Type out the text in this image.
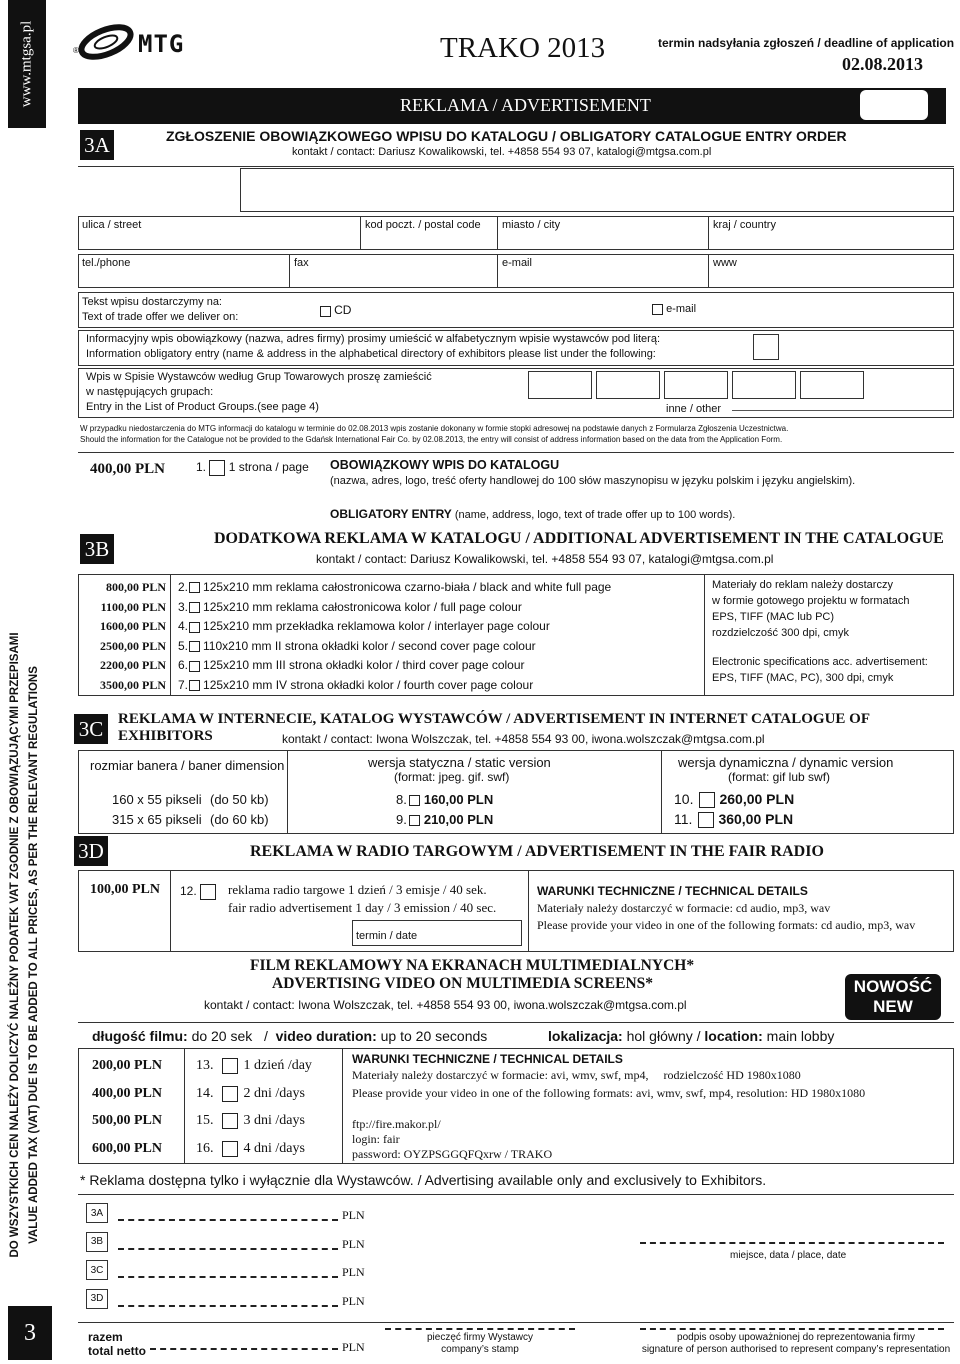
www.mtgsa.pl
DO WSZYSTKICH CEN NALEŻY DOLICZYĆ NALEŻNY PODATEK VAT ZGODNIE Z OBOWIĄZUJĄCYMI PRZEPISAMI VALUE ADDED TAX (VAT) DUE IS TO BE ADDED TO ALL PRICES, AS PER THE RELEVANT REGULATIONS
3
® MTG	TRAKO 2013	termin nadsyłania zgłoszeń / deadline of application
02.08.2013
REKLAMA / ADVERTISEMENT
3A	ZGŁOSZENIE OBOWIĄZKOWEGO WPISU DO KATALOGU / OBLIGATORY CATALOGUE ENTRY ORDER
kontakt / contact: Dariusz Kowalikowski, tel. +4858 554 93 07, katalogi@mtgsa.com.pl
ulica / street	kod poczt. / postal code miasto / city	kraj / country
tel./phone	fax	e-mail	www
Tekst wpisu dostarczymy na:
Text of trade offer we deliver on:	CD	e-mail
Informacyjny wpis obowiązkowy (nazwa, adres firmy) prosimy umieścić w alfabetycznym wpisie wystawców pod literą:
Information obligatory entry (name & address in the alphabetical directory of exhibitors please list under the following:
Wpis w Spisie Wystawców według Grup Towarowych proszę zamieścić
w następujących grupach:
Entry in the List of Product Groups.(see page 4)	inne / other
W przypadku niedostarczenia do MTG informacji do katalogu w terminie do 02.08.2013 wpis zostanie dokonany w formie stopki adresowej na podstawie danych z Formularza Zgłoszenia Uczestnictwa.
Should the information for the Catalogue not be provided to the Gdańsk International Fair Co. by 02.08.2013, the entry will consist of address information based on the data from the Application Form.
400,00 PLN	1. 1 strona / page OBOWIĄZKOWY WPIS DO KATALOGU
(nazwa, adres, logo, treść oferty handlowej do 100 słów maszynopisu w języku polskim i języku angielskim).
OBLIGATORY ENTRY (name, address, logo, text of trade offer up to 100 words).
3B	DODATKOWA REKLAMA W KATALOGU / ADDITIONAL ADVERTISEMENT IN THE CATALOGUE
kontakt / contact: Dariusz Kowalikowski, tel. +4858 554 93 07, katalogi@mtgsa.com.pl
800,00 PLN 2. 125x210 mm reklama całostronicowa czarno-biała / black and white full page
1100,00 PLN 3. 125x210 mm reklama całostronicowa kolor / full page colour
1600,00 PLN 4. 125x210 mm przekładka reklamowa kolor / interlayer page colour
2500,00 PLN 5. 110x210 mm II strona okładki kolor / second cover page colour
2200,00 PLN 6. 125x210 mm III strona okładki kolor / third cover page colour
3500,00 PLN 7. 125x210 mm IV strona okładki kolor / fourth cover page colour
Materiały do reklam należy dostarczy
w formie gotowego projektu w formatach
EPS, TIFF (MAC lub PC)
rozdzielczość 300 dpi, cmyk
Electronic specifications acc. advertisement:
EPS, TIFF (MAC, PC), 300 dpi, cmyk
3C REKLAMA W INTERNECIE, KATALOG WYSTAWCÓW / ADVERTISEMENT IN INTERNET CATALOGUE OF EXHIBITORS	kontakt / contact: Iwona Wolszczak, tel. +4858 554 93 00, iwona.wolszczak@mtgsa.com.pl
rozmiar banera / baner dimension	wersja statyczna / static version
(format: jpeg. gif. swf)
wersja dynamiczna / dynamic version
(format: gif lub swf)
160 x 55 pikseli (do 50 kb)	8. 160,00 PLN	10. 260,00 PLN
315 x 65 pikseli (do 60 kb)	9. 210,00 PLN	11. 360,00 PLN
3D	REKLAMA W RADIO TARGOWYM / ADVERTISEMENT IN THE FAIR RADIO
100,00 PLN 12.	reklama radio targowe 1 dzień / 3 emisje / 40 sek.
fair radio advertisement 1 day / 3 emission / 40 sec.
termin / date
WARUNKI TECHNICZNE / TECHNICAL DETAILS
Materiały należy dostarczyć w formacie: cd audio, mp3, wav
Please provide your video in one of the following formats: cd audio, mp3, wav
FILM REKLAMOWY NA EKRANACH MULTIMEDIALNYCH*
ADVERTISING VIDEO ON MULTIMEDIA SCREENS*
kontakt / contact: Iwona Wolszczak, tel. +4858 554 93 00, iwona.wolszczak@mtgsa.com.pl
NOWOŚĆ
NEW
długość filmu: do 20 sek / video duration: up to 20 seconds	lokalizacja: hol główny / location: main lobby
200,00 PLN 13. 1 dzień /day
400,00 PLN 14. 2 dni /days
500,00 PLN 15. 3 dni /days
600,00 PLN 16. 4 dni /days
WARUNKI TECHNICZNE / TECHNICAL DETAILS
Materiały należy dostarczyć w formacie: avi, wmv, swf, mp4,     rodzielczość HD 1980x1080
Please provide your video in one of the following formats: avi, wmv, swf, mp4, resolution: HD 1980x1080
ftp://fire.makor.pl/
login: fair
password: OYZPSGGQFQxrw / TRAKO
* Reklama dostępna tylko i wyłącznie dla Wystawców. / Advertising available only and exclusively to Exhibitors.
3A	PLN
3B	PLN
3C	PLN
3D	PLN
razem
total netto	PLN
miejsce, data / place, date
pieczęć firmy Wystawcy
company’s stamp
podpis osoby upoważnionej do reprezentowania firmy
signature of person authorised to represent company’s representation
